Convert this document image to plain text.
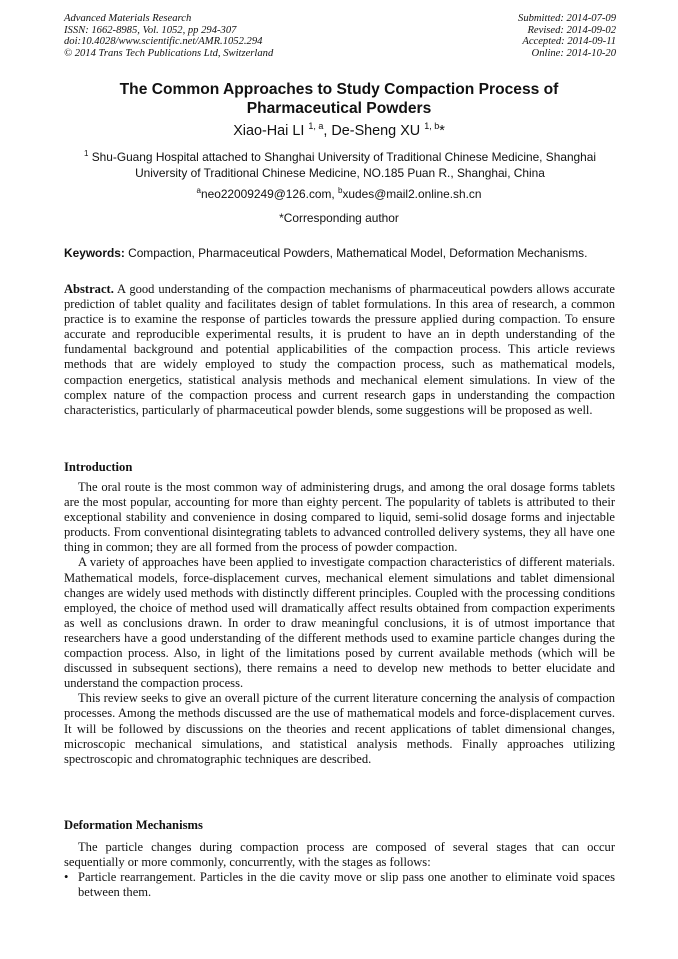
Advanced Materials Research
ISSN: 1662-8985, Vol. 1052, pp 294-307
doi:10.4028/www.scientific.net/AMR.1052.294
© 2014 Trans Tech Publications Ltd, Switzerland
Submitted: 2014-07-09
Revised: 2014-09-02
Accepted: 2014-09-11
Online: 2014-10-20
The Common Approaches to Study Compaction Process of Pharmaceutical Powders
Xiao-Hai LI $^{1, a}$, De-Sheng XU $^{1, b}$*
$^1$ Shu-Guang Hospital attached to Shanghai University of Traditional Chinese Medicine, Shanghai University of Traditional Chinese Medicine, NO.185 Puan R., Shanghai, China
$^a$neo22009249@126.com, $^b$xudes@mail2.online.sh.cn
*Corresponding author
Keywords: Compaction, Pharmaceutical Powders, Mathematical Model, Deformation Mechanisms.

Abstract. A good understanding of the compaction mechanisms of pharmaceutical powders allows accurate prediction of tablet quality and facilitates design of tablet formulations. In this area of research, a common practice is to examine the response of particles towards the pressure applied during compaction. To ensure accurate and reproducible experimental results, it is prudent to have an in depth understanding of the fundamental background and potential applicabilities of the compaction process. This article reviews methods that are widely employed to study the compaction process, such as mathematical models, compaction energetics, statistical analysis methods and mechanical element simulations. In view of the complex nature of the compaction process and current research gaps in understanding the compaction characteristics, particularly of pharmaceutical powder blends, some suggestions will be proposed as well.

Introduction

The oral route is the most common way of administering drugs, and among the oral dosage forms tablets are the most popular, accounting for more than eighty percent. The popularity of tablets is attributed to their exceptional stability and convenience in dosing compared to liquid, semi-solid dosage forms and injectable products. From conventional disintegrating tablets to advanced controlled delivery systems, they all have one thing in common; they are all formed from the process of powder compaction.

A variety of approaches have been applied to investigate compaction characteristics of different materials. Mathematical models, force-displacement curves, mechanical element simulations and tablet dimensional changes are widely used methods with distinctly different principles. Coupled with the processing conditions employed, the choice of method used will dramatically affect results obtained from compaction experiments as well as conclusions drawn. In order to draw meaningful conclusions, it is of utmost importance that researchers have a good understanding of the different methods used to examine particle changes during the compaction process. Also, in light of the limitations posed by current available methods (which will be discussed in subsequent sections), there remains a need to develop new methods to better elucidate and understand the compaction process.

This review seeks to give an overall picture of the current literature concerning the analysis of compaction processes. Among the methods discussed are the use of mathematical models and force-displacement curves. It will be followed by discussions on the theories and recent applications of tablet dimensional changes, microscopic mechanical simulations, and statistical analysis methods. Finally approaches utilizing spectroscopic and chromatographic techniques are described.

Deformation Mechanisms

The particle changes during compaction process are composed of several stages that can occur sequentially or more commonly, concurrently, with the stages as follows:

• Particle rearrangement. Particles in the die cavity move or slip pass one another to eliminate void spaces between them.
